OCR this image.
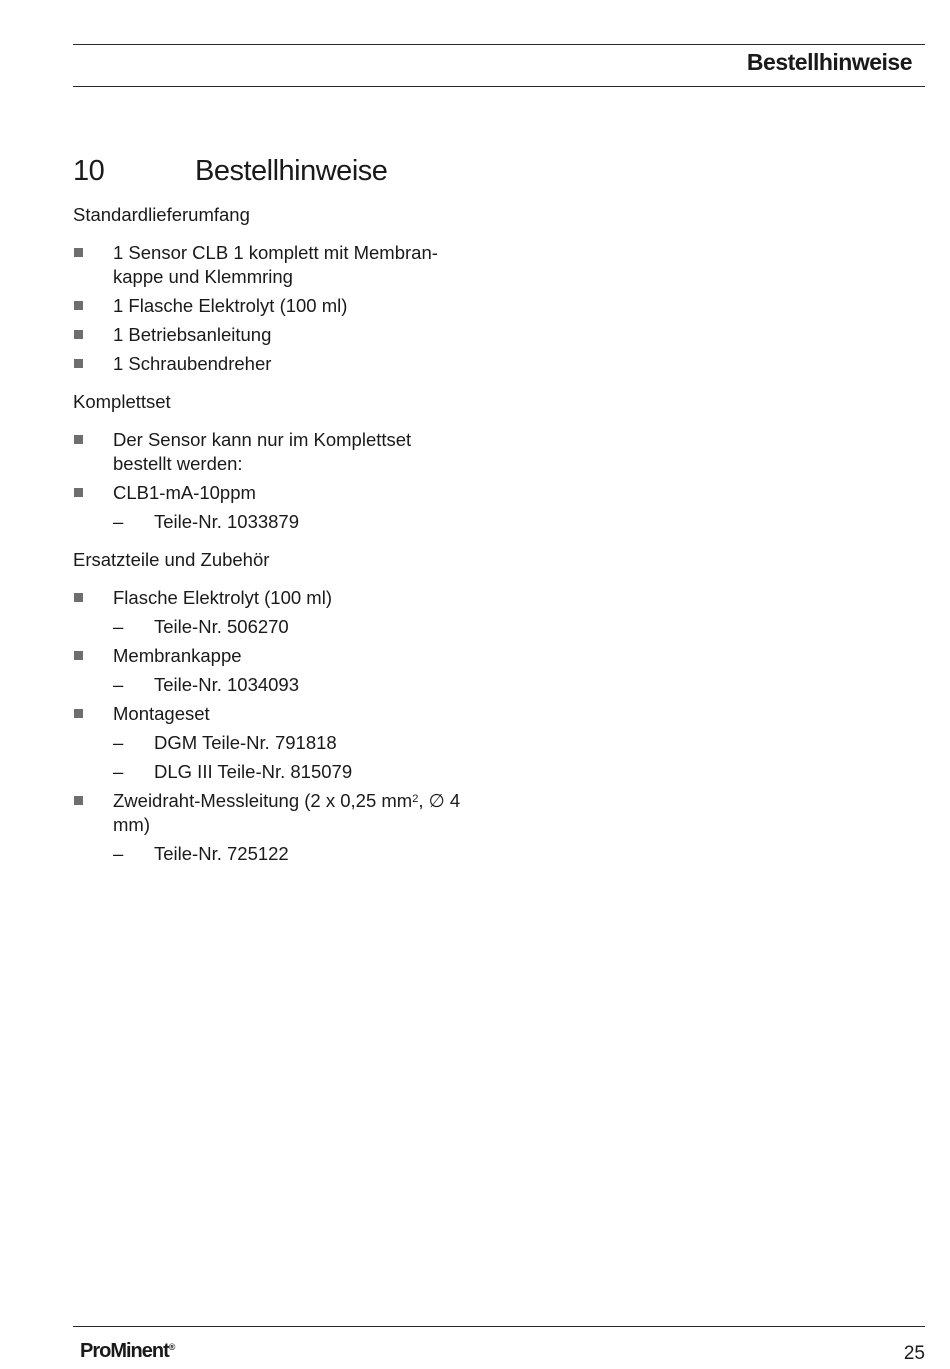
Bestellhinweise
10	Bestellhinweise
Standardlieferumfang
1 Sensor CLB 1 komplett mit Membran-
kappe und Klemmring
1 Flasche Elektrolyt (100 ml)
1 Betriebsanleitung
1 Schraubendreher
Komplettset
Der Sensor kann nur im Komplettset
bestellt werden:
CLB1-mA-10ppm
– Teile-Nr. 1033879
Ersatzteile und Zubehör
Flasche Elektrolyt (100 ml)
– Teile-Nr. 506270
Membrankappe
– Teile-Nr. 1034093
Montageset
– DGM Teile-Nr. 791818
– DLG III Teile-Nr. 815079
Zweidraht-Messleitung (2 x 0,25 $mm^2$, ∅ 4
mm)
– Teile-Nr. 725122
ProMinent®	25
